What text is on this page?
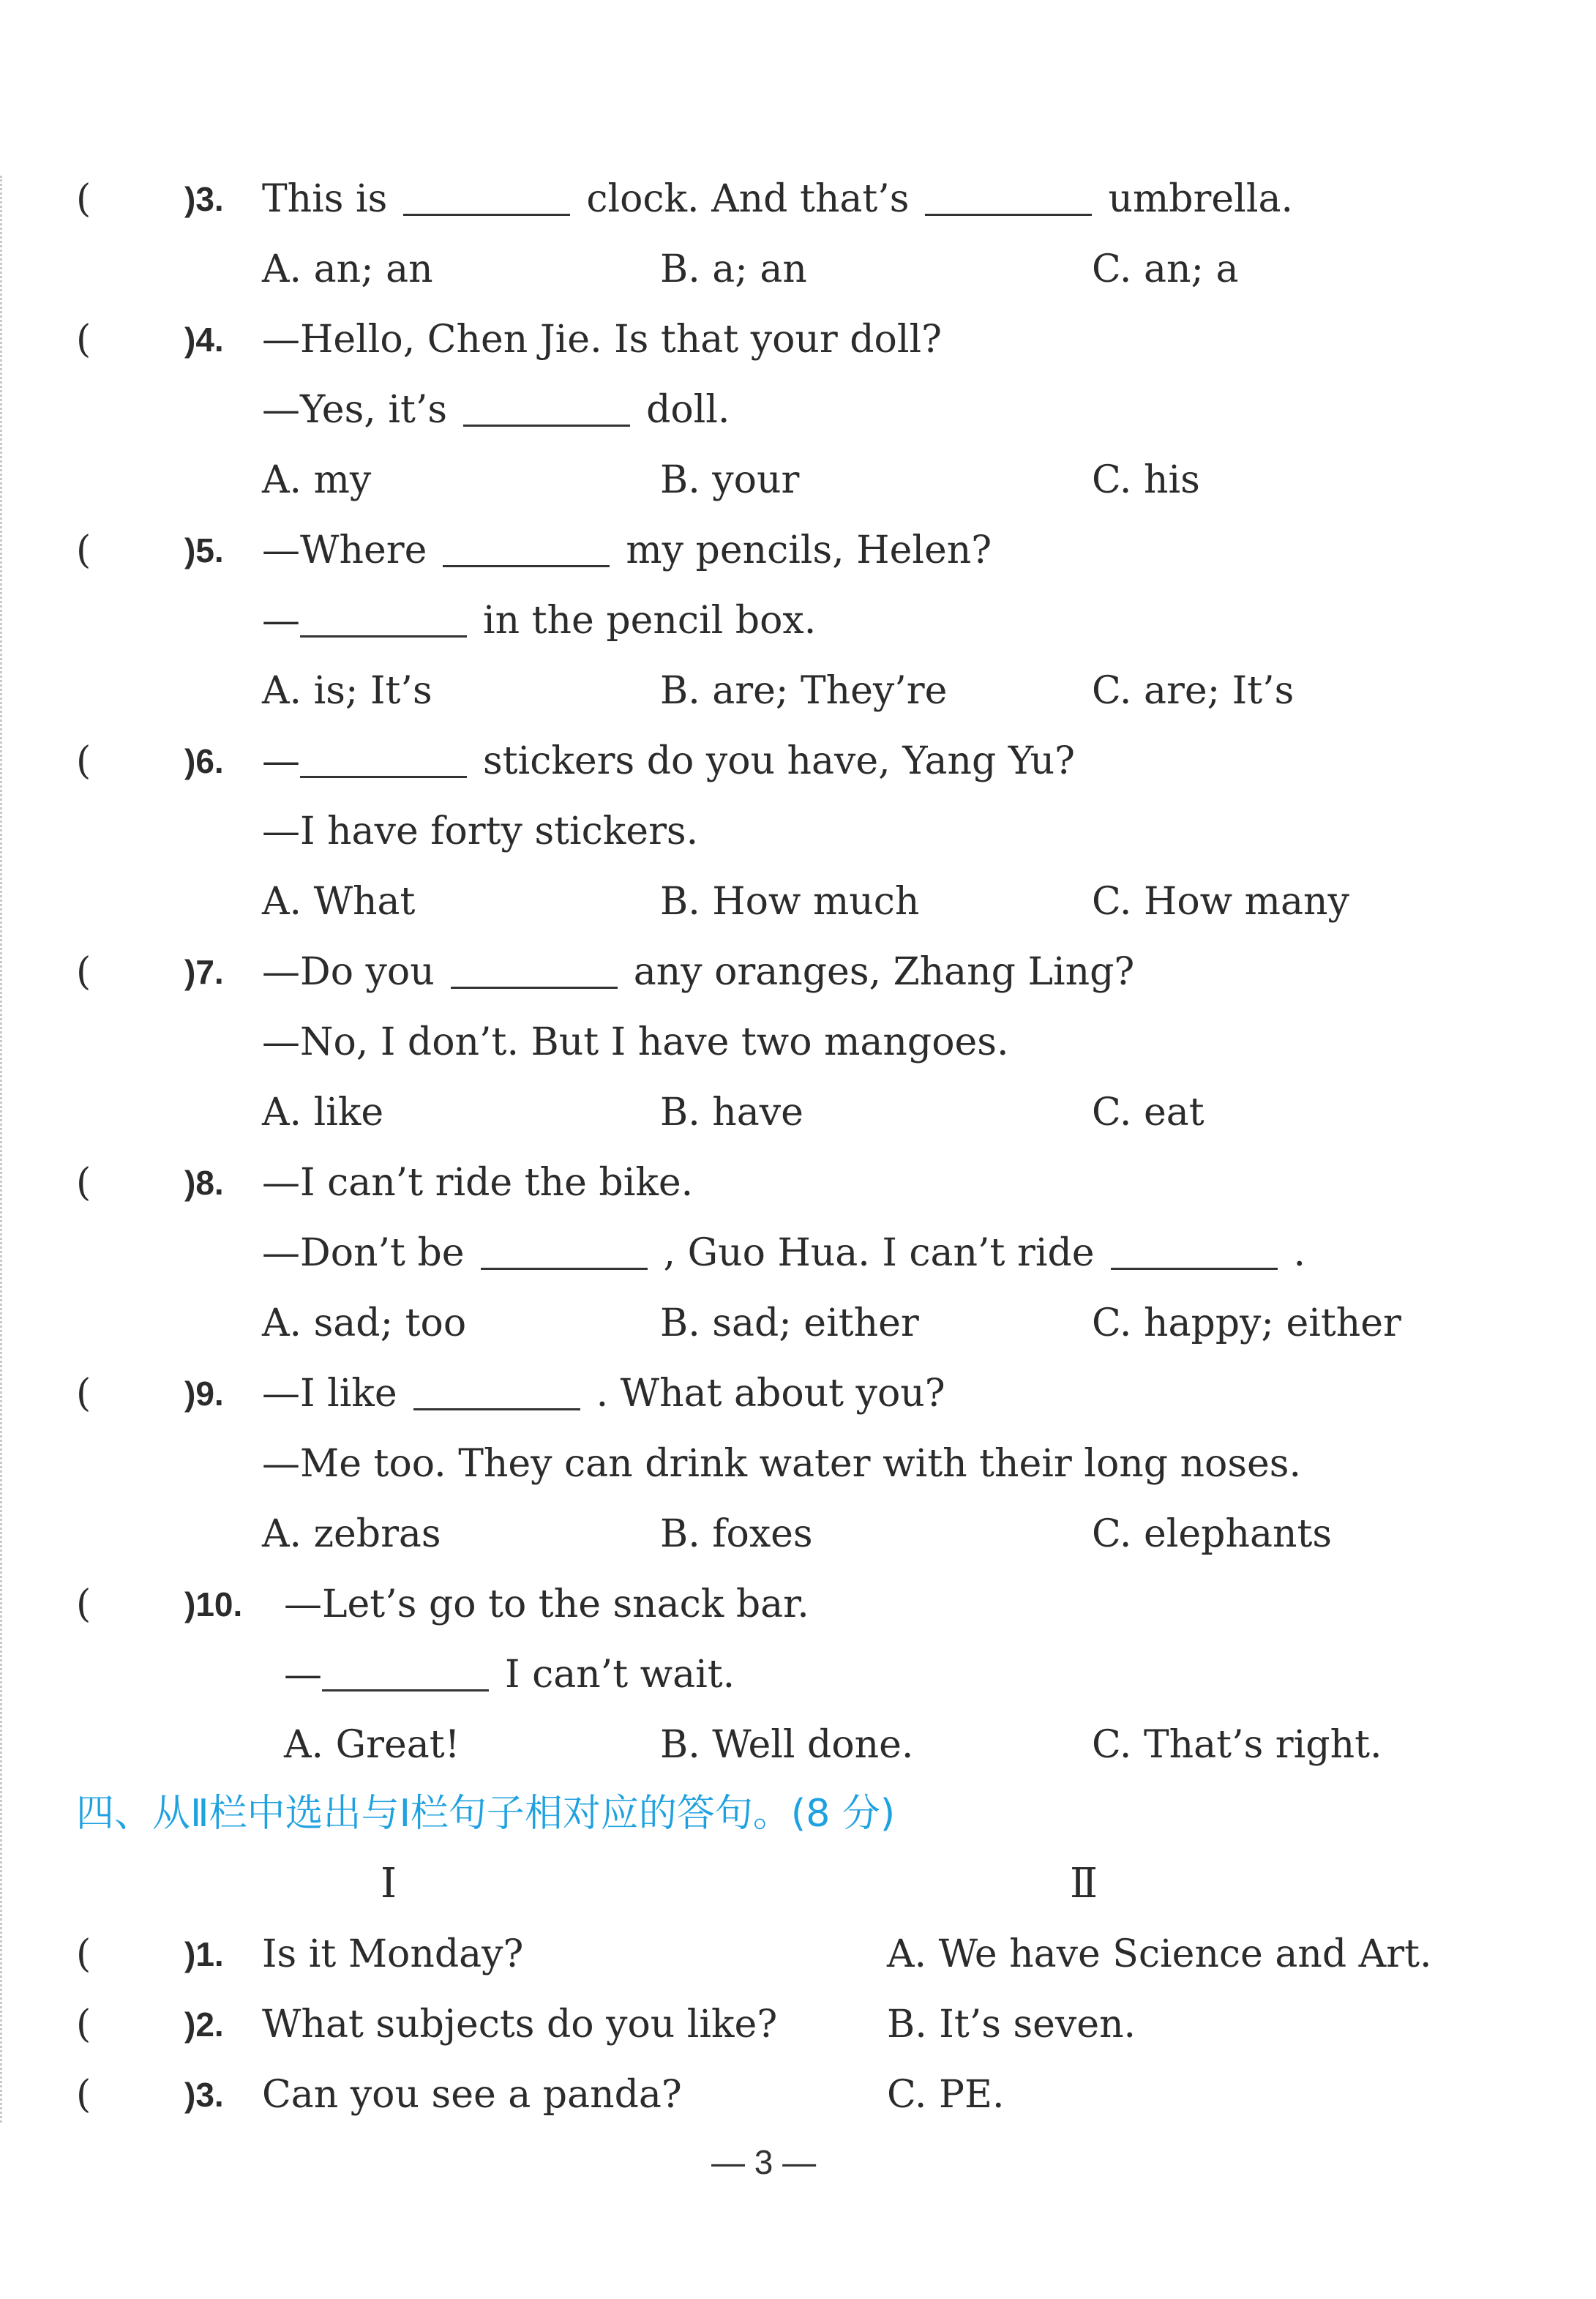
(	)3. This is	clock. And that’s	umbrella.
A. an; an	B. a; an	C. an; a
(	)4. —Hello, Chen Jie. Is that your doll?
—Yes, it’s	doll.
A. my	B. your	C. his
(	)5. —Where	my pencils, Helen?
—	in the pencil box.
A. is; It’s	B. are; They’re	C. are; It’s
(	)6. —	stickers do you have, Yang Yu?
—I have forty stickers.
A. What	B. How much	C. How many
(	)7. —Do you	any oranges, Zhang Ling?
—No, I don’t. But I have two mangoes.
A. like	B. have	C. eat
(	)8. —I can’t ride the bike.
—Don’t be	, Guo Hua. I can’t ride	.
A. sad; too	B. sad; either	C. happy; either
(	)9. —I like	. What about you?
—Me too. They can drink water with their long noses.
A. zebras	B. foxes	C. elephants
(	)10. —Let’s go to the snack bar.
—	I can’t wait.
A. Great!	B. Well done.	C. That’s right.
四、从Ⅱ栏中选出与Ⅰ栏句子相对应的答句。(8 分)
Ⅰ	Ⅱ
(	)1. Is it Monday?	A. We have Science and Art.
(	)2. What subjects do you like?	B. It’s seven.
(	)3. Can you see a panda?	C. PE.
— 3 —
